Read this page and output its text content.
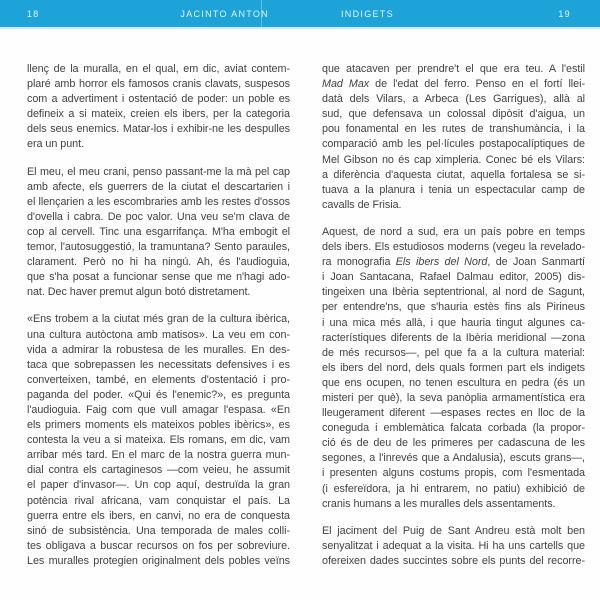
18	JACINTO ANTON	INDIGETS	19
llenç de la muralla, en el qual, em dic, aviat contem-
plaré amb horror els famosos cranis clavats, suspesos
com a advertiment i ostentació de poder: un poble es
defineix a si mateix, creien els ibers, per la categoria
dels seus enemics. Matar-los i exhibir-ne les despulles
era un punt.
El meu, el meu crani, penso passant-me la mà pel cap
amb afecte, els guerrers de la ciutat el descartarien i
el llençarien a les escombraries amb les restes d'ossos
d'ovella i cabra. De poc valor. Una veu se'm clava de
cop al cervell. Tinc una esgarrifança. M'ha embogit el
temor, l'autosuggestió, la tramuntana? Sento paraules,
clarament. Però no hi ha ningú. Ah, és l'audioguia,
que s'ha posat a funcionar sense que me n'hagi ado-
nat. Dec haver premut algun botó distretament.
«Ens trobem a la ciutat més gran de la cultura ibèrica,
una cultura autòctona amb matisos». La veu em con-
vida a admirar la robustesa de les muralles. En des-
taca que sobrepassen les necessitats defensives i es
converteixen, també, en elements d'ostentació i pro-
paganda del poder. «Qui és l'enemic?», es pregunta
l'audioguia. Faig com que vull amagar l'espasa. «En
els primers moments els mateixos pobles ibèrics», es
contesta la veu a si mateixa. Els romans, em dic, vam
arribar més tard. En el marc de la nostra guerra mun-
dial contra els cartaginesos —com veieu, he assumit
el paper d'invasor—. Un cop aquí, destruïda la gran
potència rival africana, vam conquistar el país. La
guerra entre els ibers, en canvi, no era de conquesta
sinó de subsistència. Una temporada de males colli-
tes obligava a buscar recursos on fos per sobreviure.
Les muralles protegien originalment dels pobles veïns
que atacaven per prendre't el que era teu. A l'estil
Mad Max de l'edat del ferro. Penso en el fortí llei-
datà dels Vilars, a Arbeca (Les Garrigues), allà al
sud, que defensava un colossal dipòsit d'aigua, un
pou fonamental en les rutes de transhumància, i la
comparació amb les pel·lícules postapocalíptiques de
Mel Gibson no és cap ximpleria. Conec bé els Vilars:
a diferència d'aquesta ciutat, aquella fortalesa se si-
tuava a la planura i tenia un espectacular camp de
cavalls de Frisia.
Aquest, de nord a sud, era un país pobre en temps
dels ibers. Els estudiosos moderns (vegeu la revelado-
ra monografia Els ibers del Nord, de Joan Sanmartí
i Joan Santacana, Rafael Dalmau editor, 2005) dis-
tingeixen una Ibèria septentrional, al nord de Sagunt,
per entendre'ns, que s'hauria estès fins als Pirineus
i una mica més allà, i que hauria tingut algunes ca-
racterístiques diferents de la Ibèria meridional —zona
de més recursos—, pel que fa a la cultura material:
els ibers del nord, dels quals formen part els indigets
que ens ocupen, no tenen escultura en pedra (és un
misteri per què), la seva panòplia armamentística era
lleugerament diferent —espases rectes en lloc de la
coneguda i emblemàtica falcata corbada (la propor-
ció és de deu de les primeres per cadascuna de les
segones, a l'inrevés que a Andalusia), escuts grans—,
i presenten alguns costums propis, com l'esmentada
(i esfereïdora, ja hi entrarem, no patiu) exhibició de
cranis humans a les muralles dels assentaments.
El jaciment del Puig de Sant Andreu està molt ben
senyalitzat i adequat a la visita. Hi ha uns cartells que
ofereixen dades succintes sobre els punts del recorre-
